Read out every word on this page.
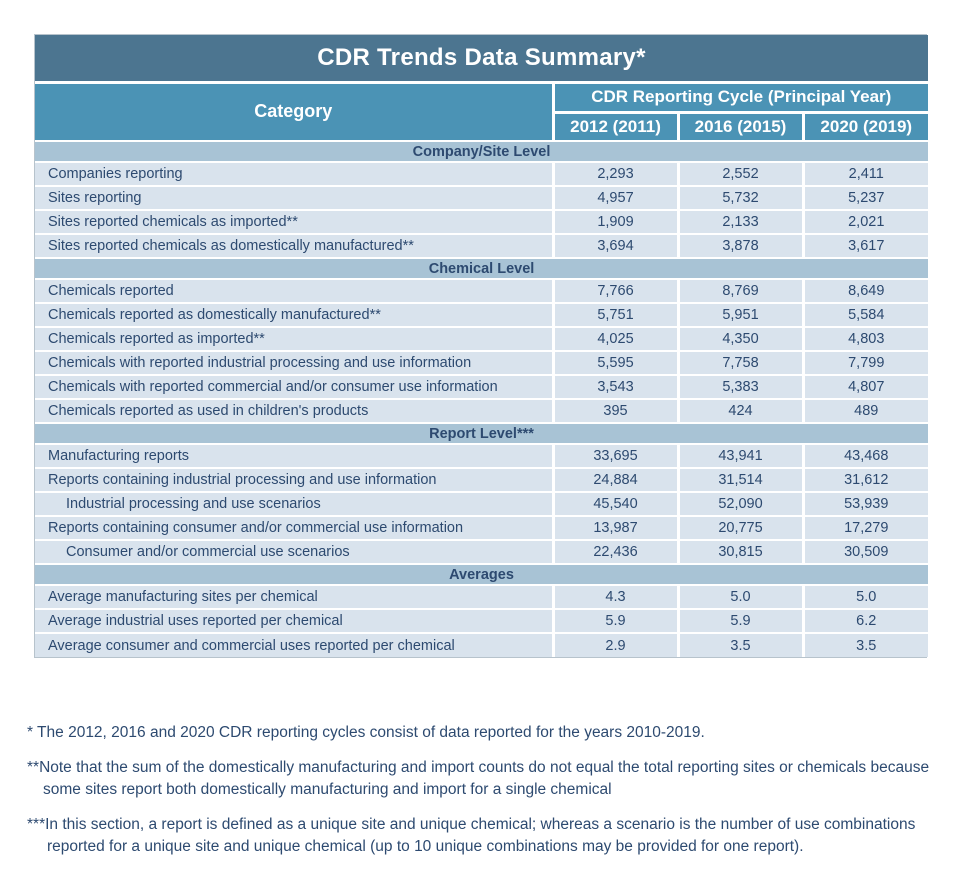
CDR Trends Data Summary*			
Category	CDR Reporting Cycle (Principal Year)		
	2012 (2011)	2016 (2015)	2020 (2019)
Company/Site Level			
Companies reporting	2,293	2,552	2,411
Sites reporting	4,957	5,732	5,237
Sites reported chemicals as imported**	1,909	2,133	2,021
Sites reported chemicals as domestically manufactured**	3,694	3,878	3,617
Chemical Level			
Chemicals reported	7,766	8,769	8,649
Chemicals reported as domestically manufactured**	5,751	5,951	5,584
Chemicals reported as imported**	4,025	4,350	4,803
Chemicals with reported industrial processing and use information	5,595	7,758	7,799
Chemicals with reported commercial and/or consumer use information	3,543	5,383	4,807
Chemicals reported as used in children's products	395	424	489
Report Level***			
Manufacturing reports	33,695	43,941	43,468
Reports containing industrial processing and use information	24,884	31,514	31,612
Industrial processing and use scenarios	45,540	52,090	53,939
Reports containing consumer and/or commercial use information	13,987	20,775	17,279
Consumer and/or commercial use scenarios	22,436	30,815	30,509
Averages			
Average manufacturing sites per chemical	4.3	5.0	5.0
Average industrial uses reported per chemical	5.9	5.9	6.2
Average consumer and commercial uses reported per chemical	2.9	3.5	3.5
* The 2012, 2016 and 2020 CDR reporting cycles consist of data reported for the years 2010-2019.
**Note that the sum of the domestically manufacturing and import counts do not equal the total reporting sites or chemicals because some sites report both domestically manufacturing and import for a single chemical
***In this section, a report is defined as a unique site and unique chemical; whereas a scenario is the number of use combinations reported for a unique site and unique chemical (up to 10 unique combinations may be provided for one report).
